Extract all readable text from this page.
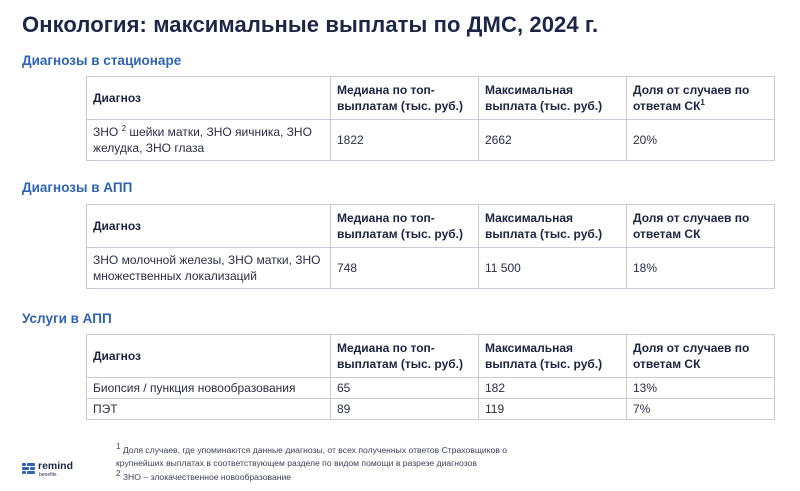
Онкология: максимальные выплаты по ДМС, 2024 г.
Диагнозы в стационаре
Диагноз	Медиана по топ-выплатам (тыс. руб.)	Максимальная выплата (тыс. руб.)	Доля от случаев по ответам $СК^1$
ЗНО $^2$ шейки матки, ЗНО яичника, ЗНО желудка, ЗНО глаза	1822	2662	20%
Диагнозы в АПП
Диагноз	Медиана по топ-выплатам (тыс. руб.)	Максимальная выплата (тыс. руб.)	Доля от случаев по ответам СК
ЗНО молочной железы, ЗНО матки, ЗНО множественных локализаций	748	11 500	18%
Услуги в АПП
Диагноз	Медиана по топ-выплатам (тыс. руб.)	Максимальная выплата (тыс. руб.)	Доля от случаев по ответам СК
Биопсия / пункция новообразования	65	182	13%
ПЭТ	89	119	7%
$^1$ Доля случаев, где упоминаются данные диагнозы, от всех полученных ответов Страховщиков о крупнейших выплатах в соответствующем разделе по видом помощи в разрезе диагнозов
$^2$ ЗНО – злокачественное новообразование
remind
benefits
